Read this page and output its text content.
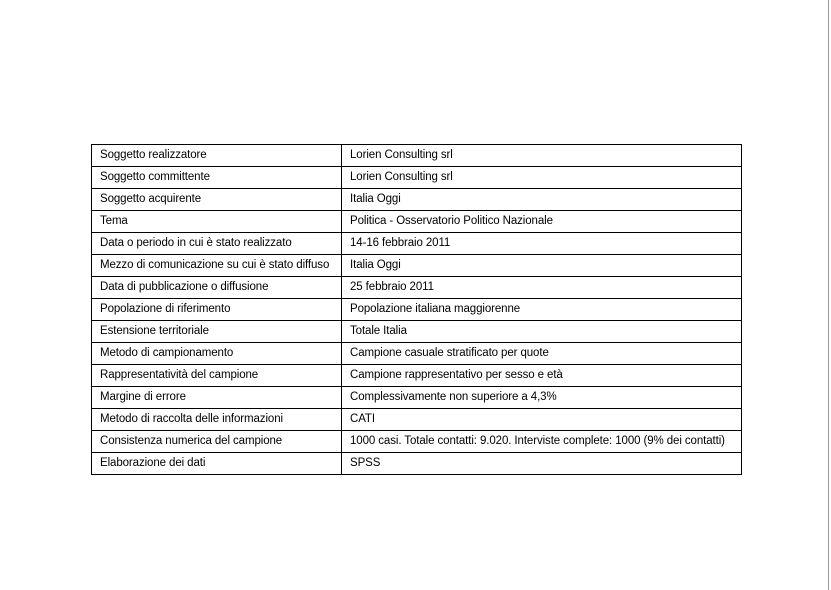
Soggetto realizzatore	Lorien Consulting srl
Soggetto committente	Lorien Consulting srl
Soggetto acquirente	Italia Oggi
Tema	Politica - Osservatorio Politico Nazionale
Data o periodo in cui è stato realizzato	14-16 febbraio 2011
Mezzo di comunicazione su cui è stato diffuso	Italia Oggi
Data di pubblicazione o diffusione	25 febbraio 2011
Popolazione di riferimento	Popolazione italiana maggiorenne
Estensione territoriale	Totale Italia
Metodo di campionamento	Campione casuale stratificato per quote
Rappresentatività del campione	Campione rappresentativo per sesso e età
Margine di errore	Complessivamente non superiore a 4,3%
Metodo di raccolta delle informazioni	CATI
Consistenza numerica del campione	1000 casi. Totale contatti: 9.020. Interviste complete: 1000 (9% dei contatti)
Elaborazione dei dati	SPSS
